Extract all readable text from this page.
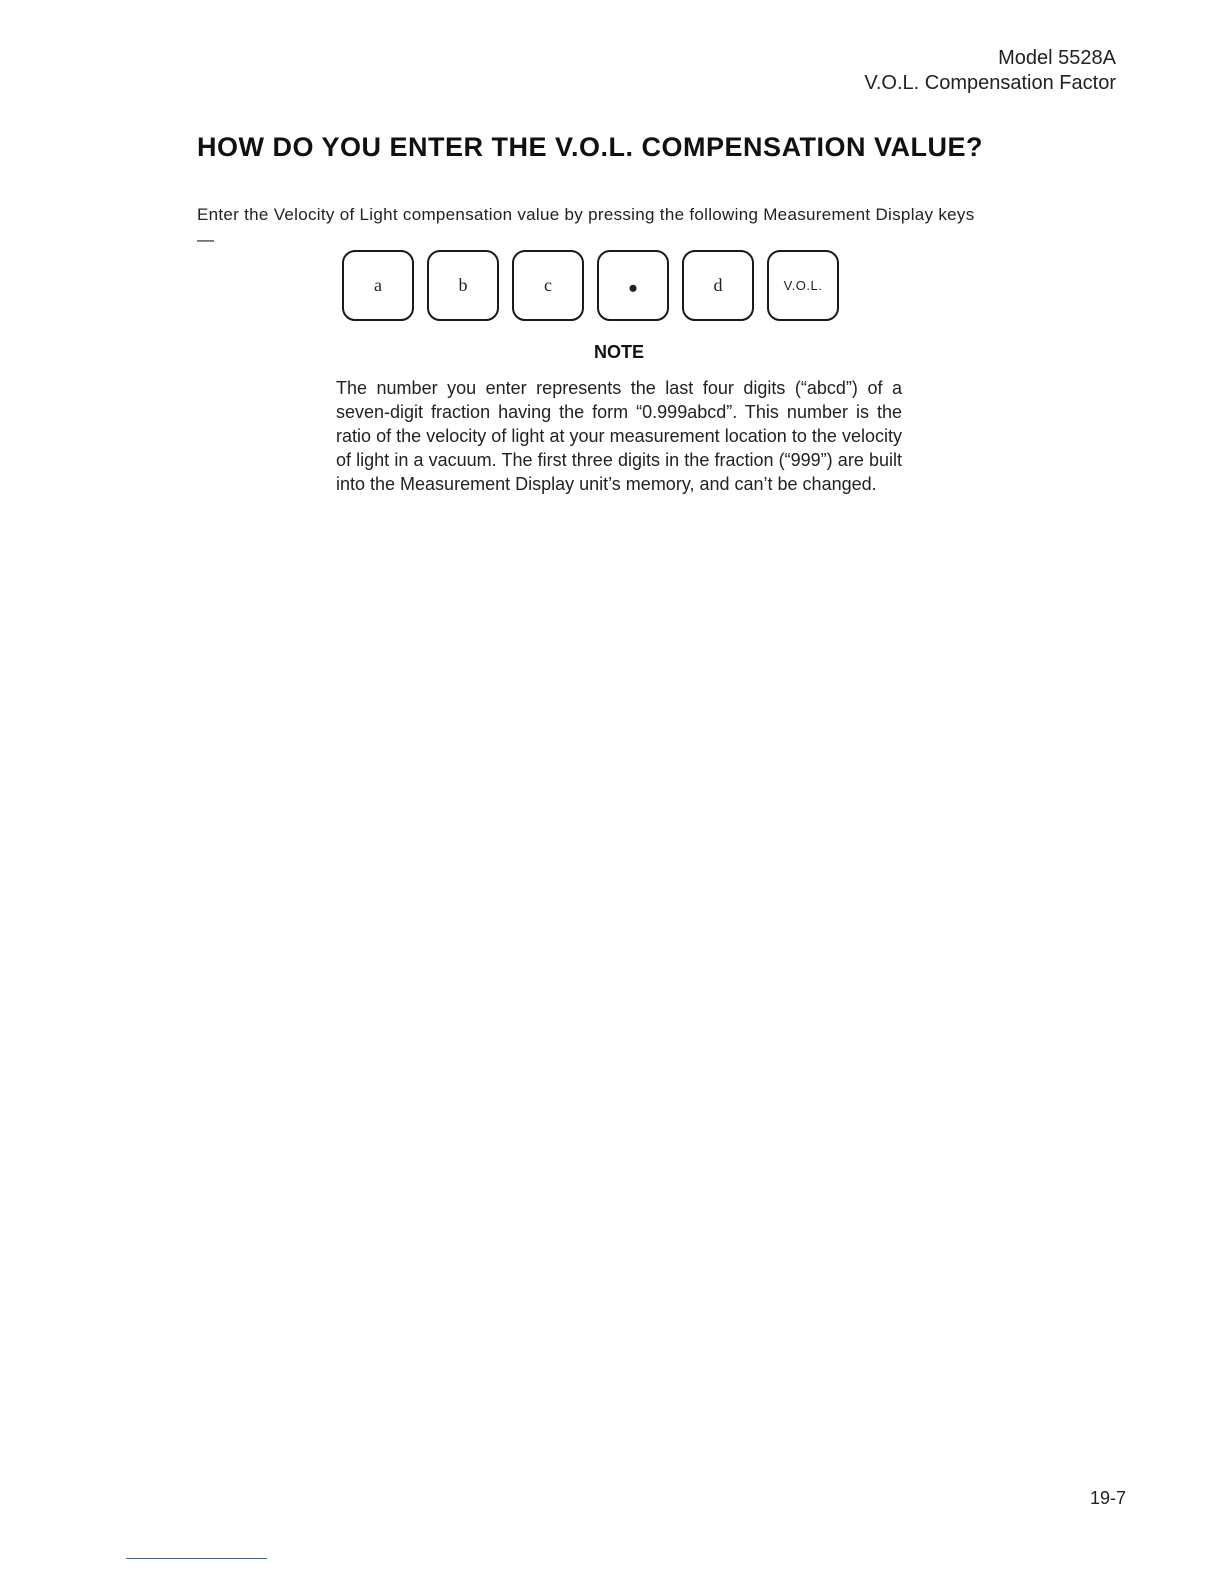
Model 5528A
V.O.L. Compensation Factor
HOW DO YOU ENTER THE V.O.L. COMPENSATION VALUE?

Enter the Velocity of Light compensation value by pressing the following Measurement Display keys —

a	b	c	•	d	V.O.L.
NOTE

The number you enter represents the last four digits (“abcd”) of a seven-digit fraction having the form “0.999abcd”. This number is the ratio of the velocity of light at your measurement location to the velocity of light in a vacuum. The first three digits in the fraction (“999”) are built into the Measurement Display unit’s memory, and can’t be changed.

19-7
